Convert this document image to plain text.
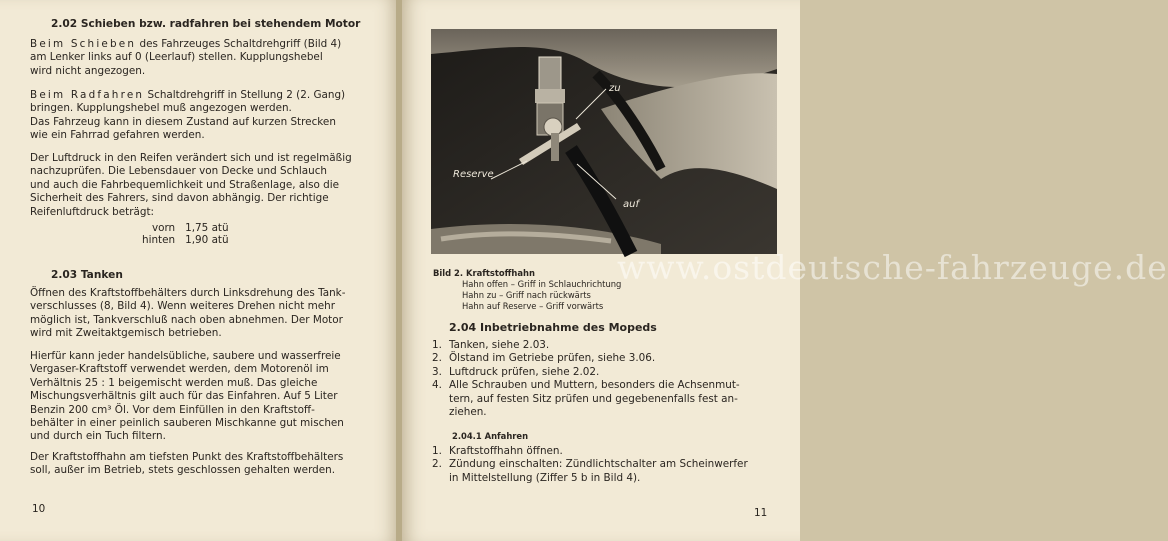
2.02 Schieben bzw. radfahren bei stehendem Motor
Beim Schieben des Fahrzeuges Schaltdrehgriff (Bild 4)
am Lenker links auf 0 (Leerlauf) stellen. Kupplungshebel
wird nicht angezogen.
Beim Radfahren Schaltdrehgriff in Stellung 2 (2. Gang)
bringen. Kupplungshebel muß angezogen werden.
Das Fahrzeug kann in diesem Zustand auf kurzen Strecken
wie ein Fahrrad gefahren werden.
Der Luftdruck in den Reifen verändert sich und ist regelmäßig
nachzuprüfen. Die Lebensdauer von Decke und Schlauch
und auch die Fahrbequemlichkeit und Straßenlage, also die
Sicherheit des Fahrers, sind davon abhängig. Der richtige
Reifenluftdruck beträgt:
vorn	1,75 atü
hinten	1,90 atü
2.03 Tanken
Öffnen des Kraftstoffbehälters durch Linksdrehung des Tank-
verschlusses (8, Bild 4). Wenn weiteres Drehen nicht mehr
möglich ist, Tankverschluß nach oben abnehmen. Der Motor
wird mit Zweitaktgemisch betrieben.
Hierfür kann jeder handelsübliche, saubere und wasserfreie
Vergaser-Kraftstoff verwendet werden, dem Motorenöl im
Verhältnis 25 : 1 beigemischt werden muß. Das gleiche
Mischungsverhältnis gilt auch für das Einfahren. Auf 5 Liter
Benzin 200 cm³ Öl. Vor dem Einfüllen in den Kraftstoff-
behälter in einer peinlich sauberen Mischkanne gut mischen
und durch ein Tuch filtern.
Der Kraftstoffhahn am tiefsten Punkt des Kraftstoffbehälters
soll, außer im Betrieb, stets geschlossen gehalten werden.
10
zu
Reserve
auf
www.ostdeutsche-fahrzeuge.de
Bild 2. Kraftstoffhahn
Hahn offen – Griff in Schlauchrichtung
Hahn zu – Griff nach rückwärts
Hahn auf Reserve – Griff vorwärts
2.04 Inbetriebnahme des Mopeds
1. Tanken, siehe 2.03.
2. Ölstand im Getriebe prüfen, siehe 3.06.
3. Luftdruck prüfen, siehe 2.02.
4. Alle Schrauben und Muttern, besonders die Achsenmut-
tern, auf festen Sitz prüfen und gegebenenfalls fest an-
ziehen.
2.04.1 Anfahren
1. Kraftstoffhahn öffnen.
2. Zündung einschalten: Zündlichtschalter am Scheinwerfer
in Mittelstellung (Ziffer 5 b in Bild 4).
11
